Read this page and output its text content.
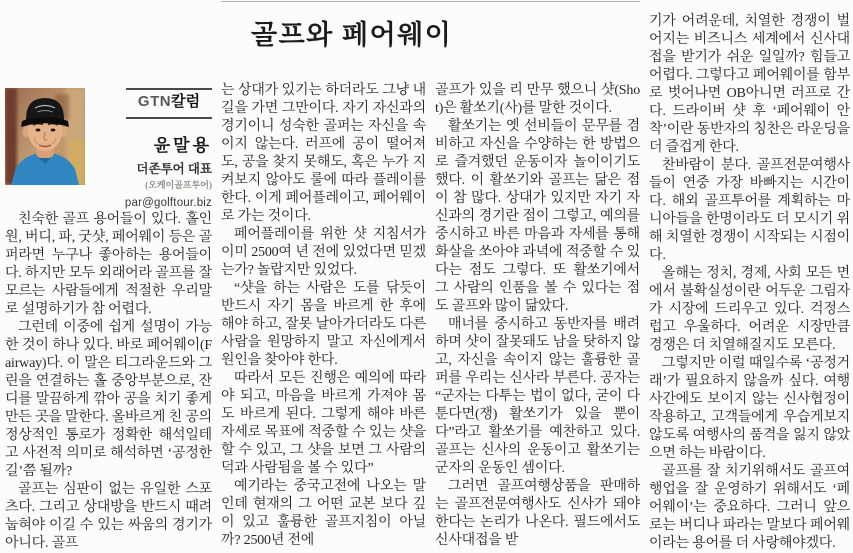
GTN칼럼
윤말용
더존투어 대표
(오케이골프투어)
par@golftour.biz

친숙한 골프 용어들이 있다. 홀인원, 버디, 파, 굿샷, 페어웨이 등은 골퍼라면 누구나 좋아하는 용어들이다. 하지만 모두 외래어라 골프를 잘 모르는 사람들에게 적절한 우리말로 설명하기가 참 어렵다.

그런데 이중에 쉽게 설명이 가능한 것이 하나 있다. 바로 페어웨이(Fairway)다. 이 말은 티그라운드와 그린을 연결하는 홀 중앙부분으로, 잔디를 말끔하게 깎아 공을 치기 좋게 만든 곳을 말한다. 올바르게 친 공의 정상적인 통로가 정확한 해석일테고 사전적 의미로 해석하면 ‘공정한 길’쯤 될까?

골프는 심판이 없는 유일한 스포츠다. 그리고 상대방을 반드시 때려 눕혀야 이길 수 있는 싸움의 경기가 아니다. 골프

골프와 페어웨이

는 상대가 있기는 하더라도 그냥 내 길을 가면 그만이다. 자기 자신과의 경기이니 성숙한 골퍼는 자신을 속이지 않는다. 러프에 공이 떨어져도, 공을 찾지 못해도, 혹은 누가 지켜보지 않아도 룰에 따라 플레이를 한다. 이게 페어플레이고, 페어웨이로 가는 것이다.

페어플레이를 위한 샷 지침서가 이미 2500여 년 전에 있었다면 믿겠는가? 놀랍지만 있었다.

“샷을 하는 사람은 도를 닦듯이 반드시 자기 몸을 바르게 한 후에 해야 하고, 잘못 날아가더라도 다른 사람을 원망하지 말고 자신에게서 원인을 찾아야 한다.

따라서 모든 진행은 예의에 따라야 되고, 마음을 바르게 가져야 몸도 바르게 된다. 그렇게 해야 바른 자세로 목표에 적중할 수 있는 샷을 할 수 있고, 그 샷을 보면 그 사람의 덕과 사람됨을 볼 수 있다”

예기라는 중국고전에 나오는 말인데 현재의 그 어떤 교본 보다 깊이 있고 훌륭한 골프지침이 아닐까? 2500년 전에

골프가 있을 리 만무 했으니 샷(Shot)은 활쏘기(사)를 말한 것이다.

활쏘기는 옛 선비들이 문무를 겸비하고 자신을 수양하는 한 방법으로 즐겨했던 운동이자 놀이이기도 했다. 이 활쏘기와 골프는 닮은 점이 참 많다. 상대가 있지만 자기 자신과의 경기란 점이 그렇고, 예의를 중시하고 바른 마음과 자세를 통해 화살을 쏘아야 과녁에 적중할 수 있다는 점도 그렇다. 또 활쏘기에서 그 사람의 인품을 볼 수 있다는 점도 골프와 많이 닮았다.

매너를 중시하고 동반자를 배려하며 샷이 잘못돼도 남을 탓하지 않고, 자신을 속이지 않는 훌륭한 골퍼를 우리는 신사라 부른다. 공자는 “군자는 다투는 법이 없다, 굳이 다툰다면(쟁) 활쏘기가 있을 뿐이다”라고 활쏘기를 예찬하고 있다. 골프는 신사의 운동이고 활쏘기는 군자의 운동인 셈이다.

그러면 골프여행상품을 판매하는 골프전문여행사도 신사가 돼야 한다는 논리가 나온다. 필드에서도 신사대접을 받

기가 어려운데, 치열한 경쟁이 벌어지는 비즈니스 세계에서 신사대접을 받기가 쉬운 일일까? 힘들고 어렵다. 그렇다고 페어웨이를 함부로 벗어나면 OB아니면 러프로 간다. 드라이버 샷 후 ‘페어웨이 안착’이란 동반자의 칭찬은 라운딩을 더 즐겁게 한다.

찬바람이 분다. 골프전문여행사들이 연중 가장 바빠지는 시간이다. 해외 골프투어를 계획하는 마니아들을 한명이라도 더 모시기 위해 치열한 경쟁이 시작되는 시점이다.

올해는 정치, 경제, 사회 모든 면에서 불확실성이란 어두운 그림자가 시장에 드리우고 있다. 걱정스럽고 우울하다. 어려운 시장만큼 경쟁은 더 치열해질지도 모른다.

그렇지만 이럴 때일수록 ‘공정거래’가 필요하지 않을까 싶다. 여행사간에도 보이지 않는 신사협정이 작용하고, 고객들에게 우습게보지 않도록 여행사의 품격을 잃지 않았으면 하는 바람이다.

골프를 잘 치기위해서도 골프여행업을 잘 운영하기 위해서도 ‘페어웨이’는 중요하다. 그러니 앞으로는 버디나 파라는 말보다 페어웨이라는 용어를 더 사랑해야겠다.
